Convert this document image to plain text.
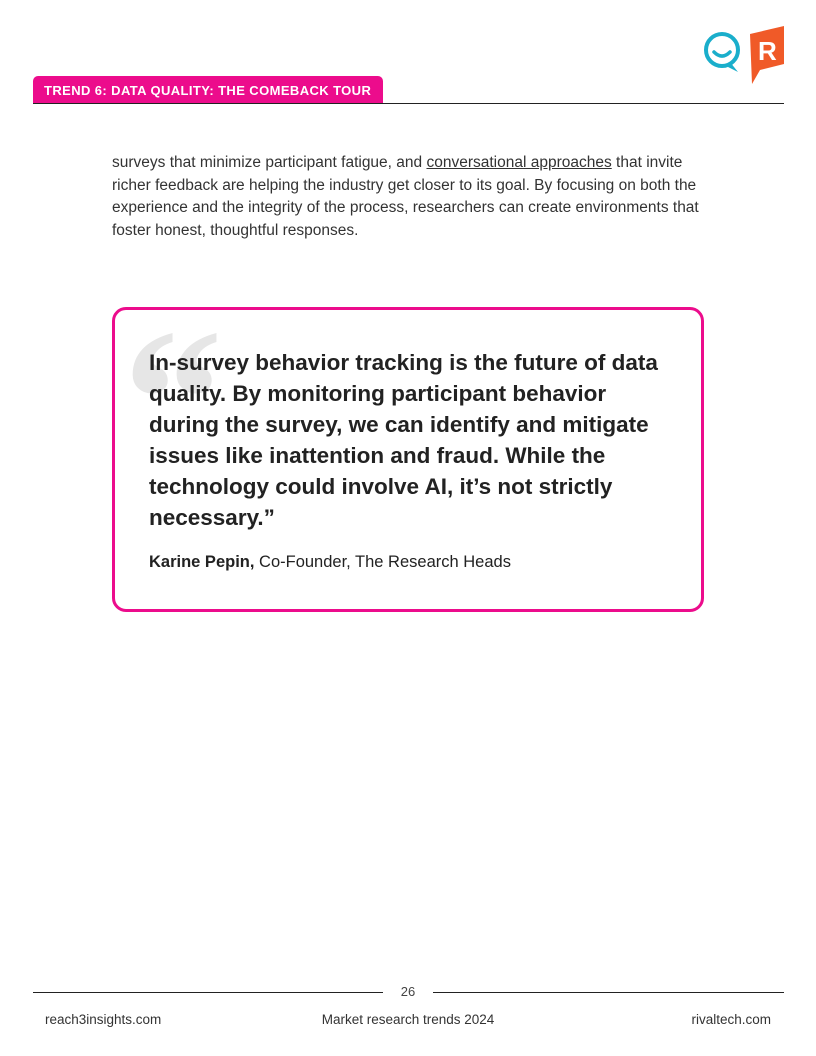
R
TREND 6: DATA QUALITY: THE COMEBACK TOUR

surveys that minimize participant fatigue, and conversational approaches that invite richer feedback are helping the industry get closer to its goal. By focusing on both the experience and the integrity of the process, researchers can create environments that foster honest, thoughtful responses.

“
In-survey behavior tracking is the future of data quality. By monitoring participant behavior during the survey, we can identify and mitigate issues like inattention and fraud. While the technology could involve AI, it’s not strictly necessary.”
Karine Pepin, Co-Founder, The Research Heads
26
reach3insights.com	Market research trends 2024	rivaltech.com
